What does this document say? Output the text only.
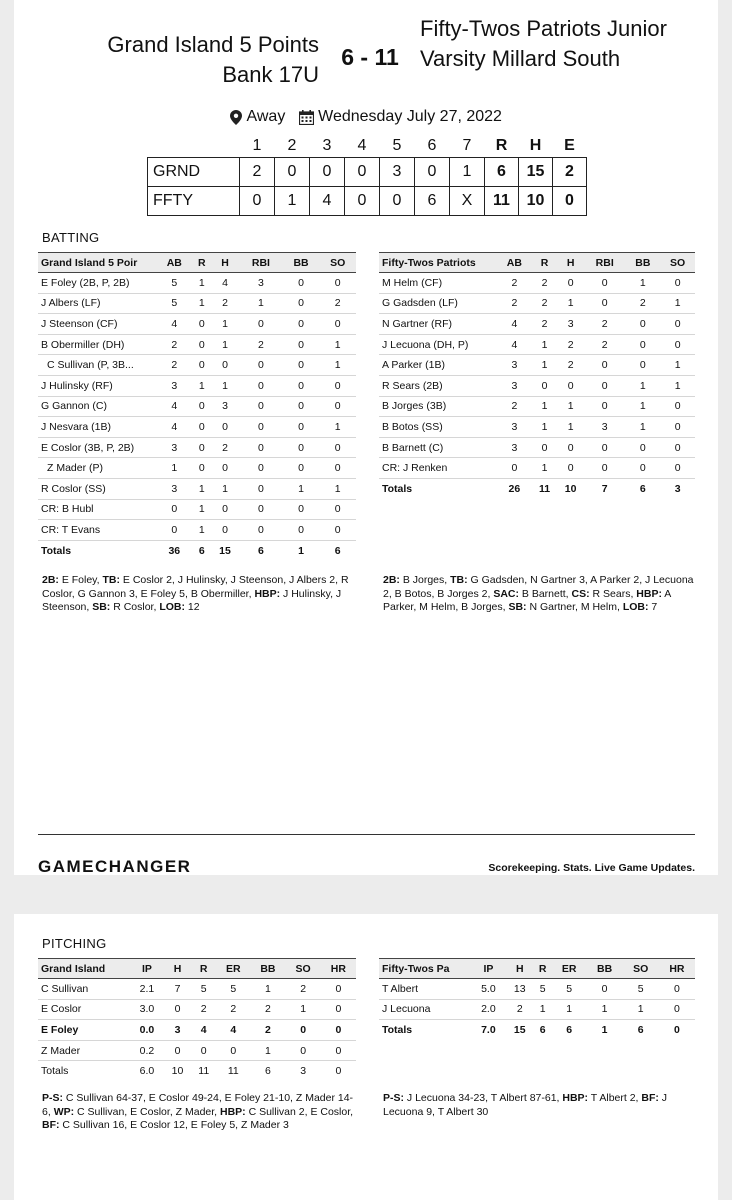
Grand Island 5 Points Bank 17U
6 - 11
Fifty-Twos Patriots Junior Varsity Millard South
Away Wednesday July 27, 2022
	1	2	3	4	5	6	7	R	H	E
GRND	2	0	0	0	3	0	1	6	15	2
FFTY	0	1	4	0	0	6	X	11	10	0
BATTING
Grand Island 5 Poir	AB	R	H	RBI	BB	SO
E Foley (2B, P, 2B)	5	1	4	3	0	0
J Albers (LF)	5	1	2	1	0	2
J Steenson (CF)	4	0	1	0	0	0
B Obermiller (DH)	2	0	1	2	0	1
C Sullivan (P, 3B...	2	0	0	0	0	1
J Hulinsky (RF)	3	1	1	0	0	0
G Gannon (C)	4	0	3	0	0	0
J Nesvara (1B)	4	0	0	0	0	1
E Coslor (3B, P, 2B)	3	0	2	0	0	0
Z Mader (P)	1	0	0	0	0	0
R Coslor (SS)	3	1	1	0	1	1
CR: B Hubl	0	1	0	0	0	0
CR: T Evans	0	1	0	0	0	0
Totals	36	6	15	6	1	6
Fifty-Twos Patriots	AB	R	H	RBI	BB	SO
M Helm (CF)	2	2	0	0	1	0
G Gadsden (LF)	2	2	1	0	2	1
N Gartner (RF)	4	2	3	2	0	0
J Lecuona (DH, P)	4	1	2	2	0	0
A Parker (1B)	3	1	2	0	0	1
R Sears (2B)	3	0	0	0	1	1
B Jorges (3B)	2	1	1	0	1	0
B Botos (SS)	3	1	1	3	1	0
B Barnett (C)	3	0	0	0	0	0
CR: J Renken	0	1	0	0	0	0
Totals	26	11	10	7	6	3
2B: E Foley, TB: E Coslor 2, J Hulinsky, J Steenson, J Albers 2, R Coslor, G Gannon 3, E Foley 5, B Obermiller, HBP: J Hulinsky, J Steenson, SB: R Coslor, LOB: 12
2B: B Jorges, TB: G Gadsden, N Gartner 3, A Parker 2, J Lecuona 2, B Botos, B Jorges 2, SAC: B Barnett, CS: R Sears, HBP: A Parker, M Helm, B Jorges, SB: N Gartner, M Helm, LOB: 7
GAMECHANGER	Scorekeeping. Stats. Live Game Updates.
PITCHING
Grand Island	IP	H	R	ER	BB	SO	HR
C Sullivan	2.1	7	5	5	1	2	0
E Coslor	3.0	0	2	2	2	1	0
E Foley	0.0	3	4	4	2	0	0
Z Mader	0.2	0	0	0	1	0	0
Totals	6.0	10	11	11	6	3	0
Fifty-Twos Pa	IP	H	R	ER	BB	SO	HR
T Albert	5.0	13	5	5	0	5	0
J Lecuona	2.0	2	1	1	1	1	0
Totals	7.0	15	6	6	1	6	0
P-S: C Sullivan 64-37, E Coslor 49-24, E Foley 21-10, Z Mader 14-6, WP: C Sullivan, E Coslor, Z Mader, HBP: C Sullivan 2, E Coslor, BF: C Sullivan 16, E Coslor 12, E Foley 5, Z Mader 3
P-S: J Lecuona 34-23, T Albert 87-61, HBP: T Albert 2, BF: J Lecuona 9, T Albert 30
